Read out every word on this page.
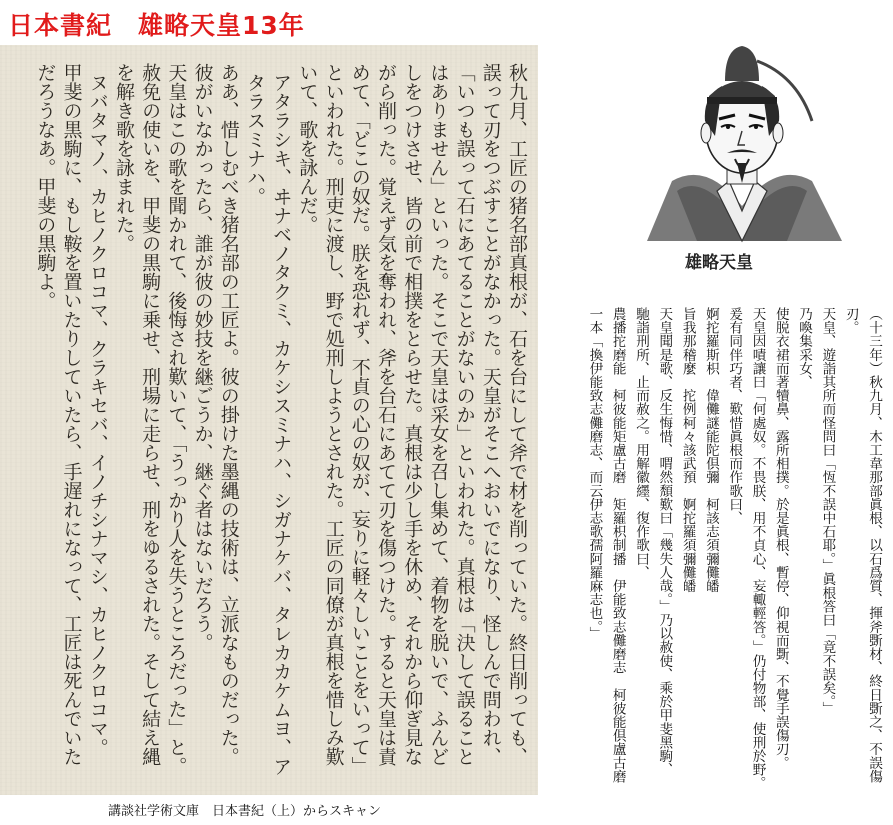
日本書紀　雄略天皇13年

秋九月、工匠の猪名部真根が、石を台にして斧で材を削っていた。終日削っても、誤って刃をつぶすことがなかった。天皇がそこへおいでになり、怪しんで問われ、「いつも誤って石にあてることがないのか」といわれた。真根は「決して誤ることはありません」といった。そこで天皇は采女を召し集めて、着物を脱いで、ふんどしをつけさせ、皆の前で相撲をとらせた。真根は少し手を休め、それから仰ぎ見ながら削った。覚えず気を奪われ、斧を台石にあてて刃を傷つけた。すると天皇は責めて、「どこの奴だ。朕を恐れず、不貞の心の奴が、妄りに軽々しいことをいって」といわれた。刑吏に渡し、野で処刑しようとされた。工匠の同僚が真根を惜しみ歎いて、歌を詠んだ。

アタラシキ、ヰナベノタクミ、カケシスミナハ、シガナケバ、タレカカケムヨ、アタラスミナハ。

ああ、惜しむべき猪名部の工匠よ。彼の掛けた墨縄の技術は、立派なものだった。彼がいなかったら、誰が彼の妙技を継ごうか、継ぐ者はないだろう。

天皇はこの歌を聞かれて、後悔され歎いて、「うっかり人を失うところだった」と。赦免の使いを、甲斐の黒駒に乗せ、刑場に走らせ、刑をゆるされた。そして結え縄を解き歌を詠まれた。

ヌバタマノ、カヒノクロコマ、クラキセバ、イノチシナマシ、カヒノクロコマ。

甲斐の黒駒に、もし鞍を置いたりしていたら、手遅れになって、工匠は死んでいただろうなあ。甲斐の黒駒よ。

講談社学術文庫　日本書紀（上）からスキャン
雄略天皇

（十三年）秋九月、木工韋那部眞根、以石爲質、揮斧斲材、終日斲之、不誤傷刃。

天皇、遊詣其所而怪問曰「恆不誤中石耶。」眞根答曰「竟不誤矣。」

乃喚集采女、

使脱衣裙而著犢鼻、露所相撲。於是眞根、暫停、仰視而斲、不覺手誤傷刃。

天皇因嘖讓曰「何處奴。不畏朕、用不貞心、妄輙輕答。」仍付物部、使刑於野。

爰有同伴巧者、歎惜眞根而作歌曰、

婀拕羅斯枳　偉儺謎能陀倶彌　柯該志須彌儺皤

旨我那稽麼　拕例柯々該武預　婀拕羅須彌儺皤

天皇聞是歌、反生悔惜、喟然頽歎曰「幾失人哉。」乃以赦使、乘於甲斐黑駒、

馳詣刑所、止而赦之。用解徽纆、復作歌曰、

農播拕磨能　柯彼能矩盧古磨　矩羅枳制播　伊能致志儺磨志　柯彼能倶盧古磨

一本「換伊能致志儺磨志、而云伊志歌孺阿羅麻志也。」
